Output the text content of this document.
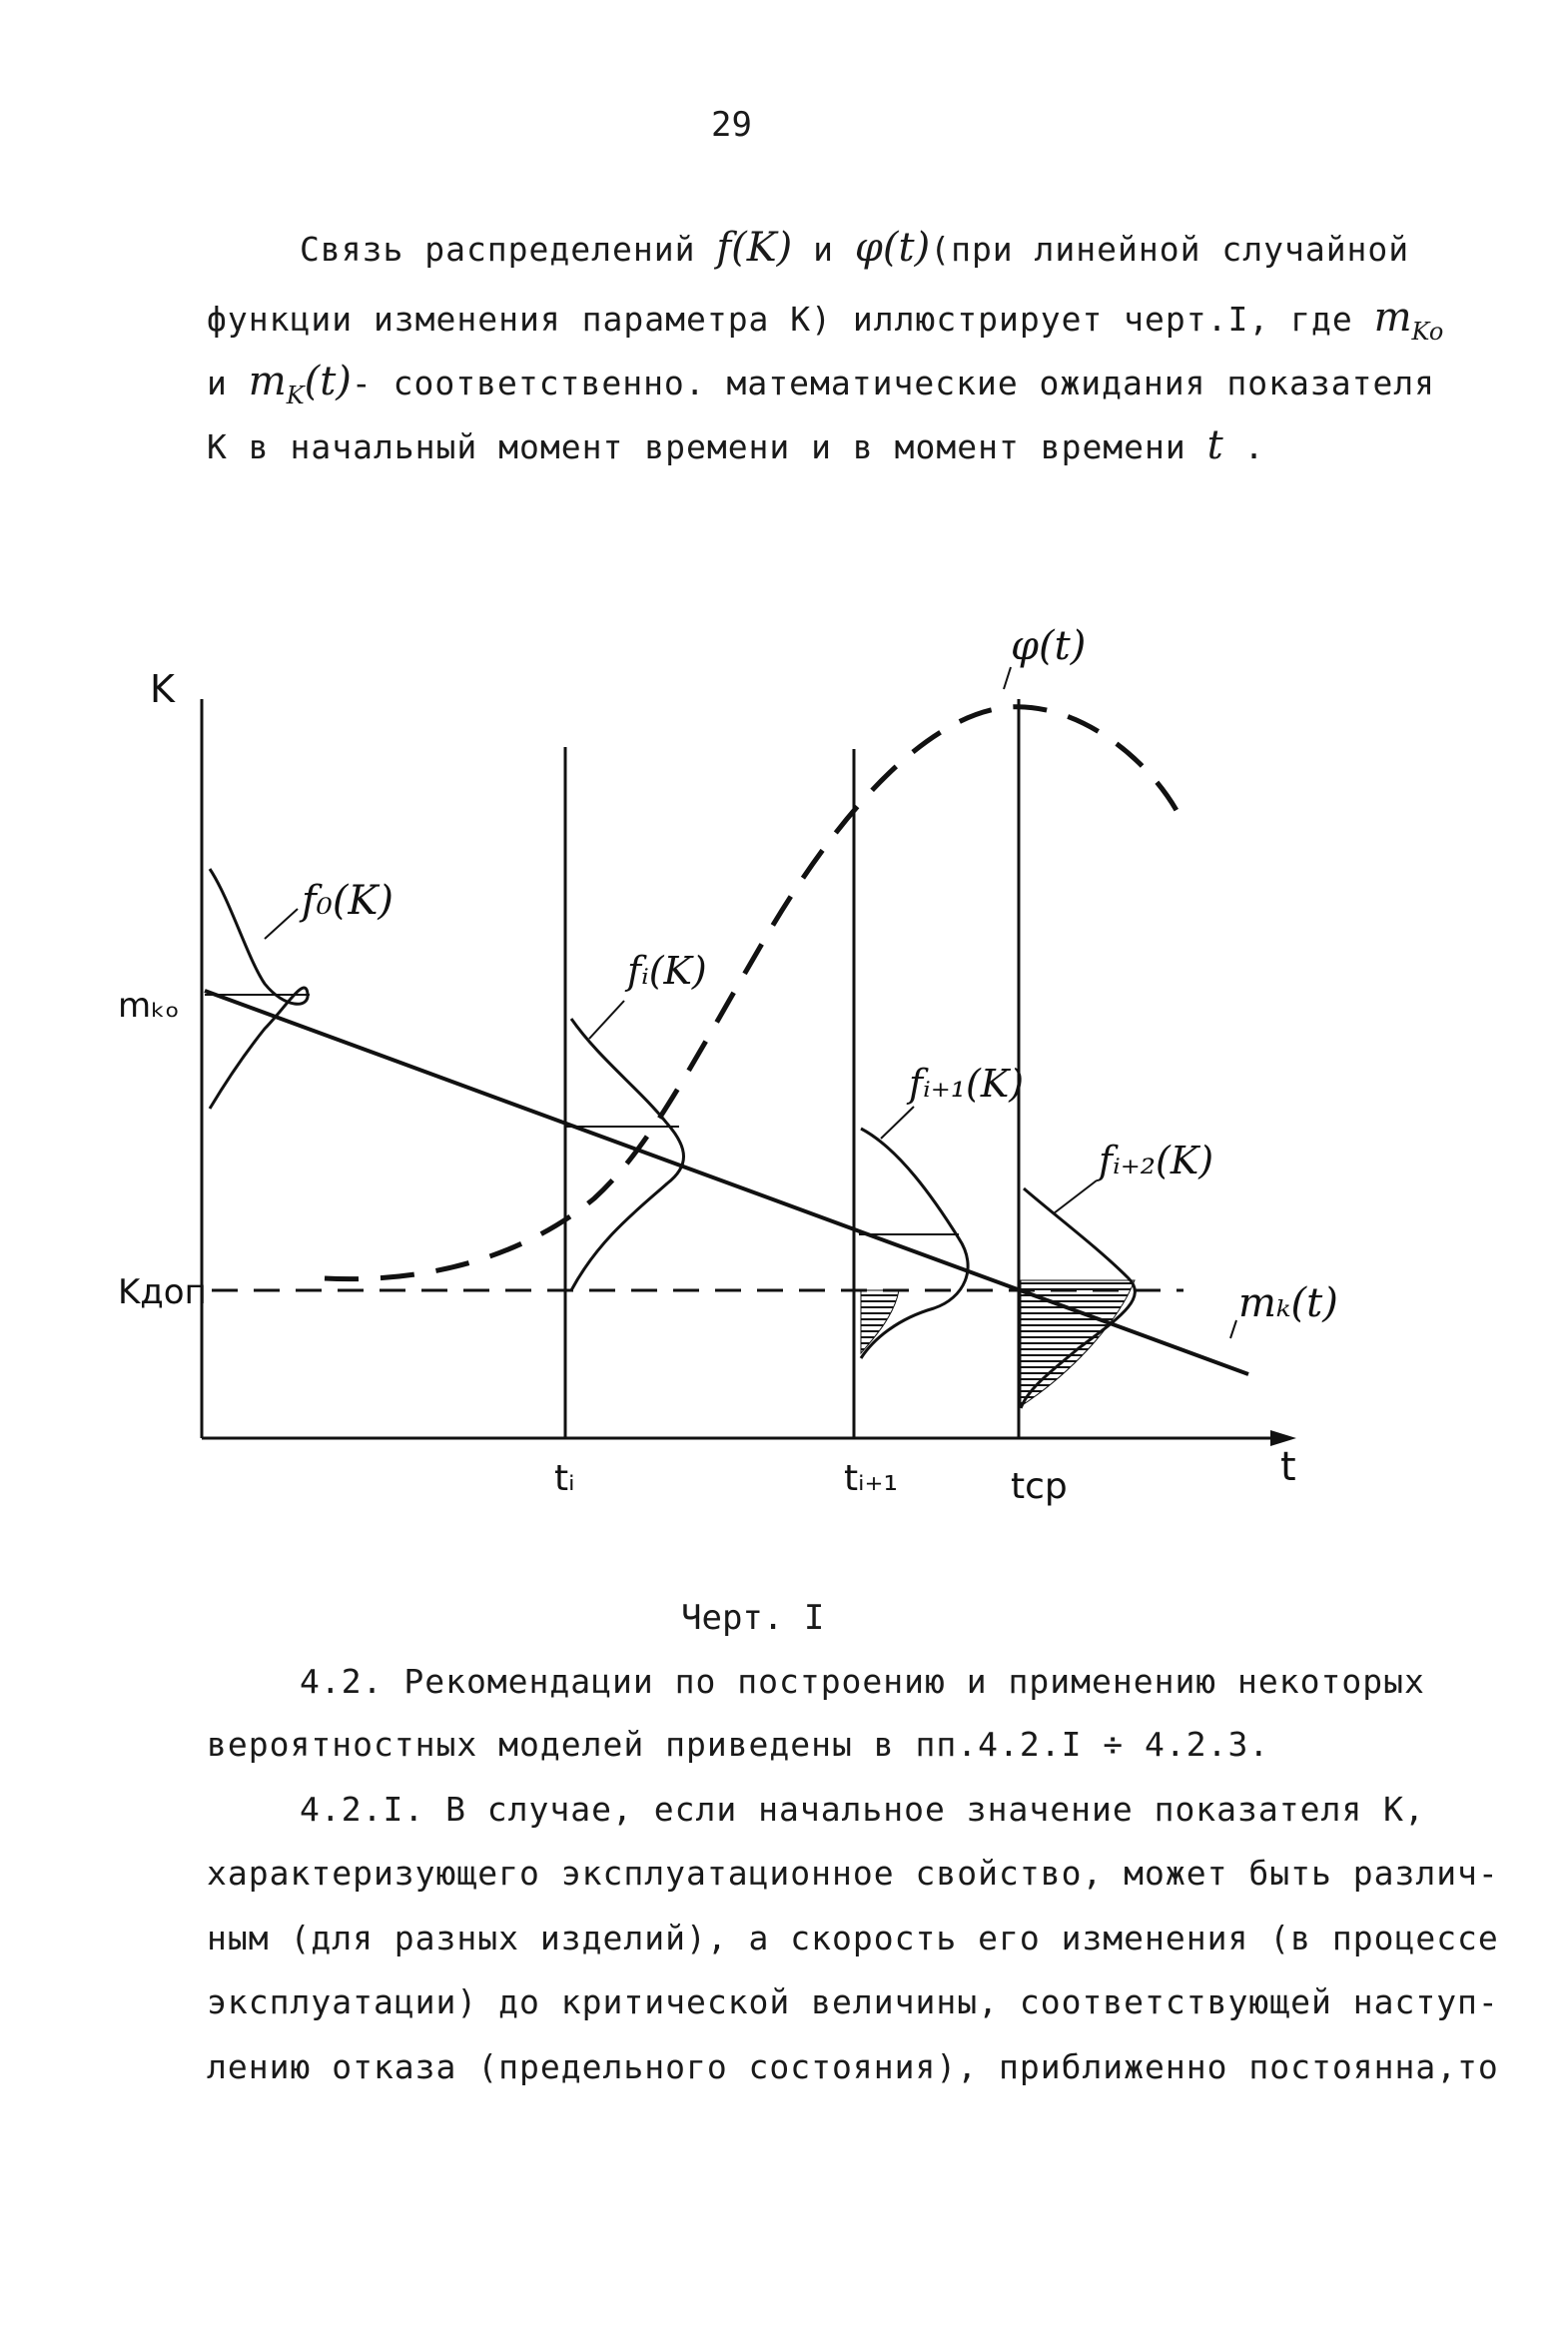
29
Связь распределений f(K) и φ(t)(при линейной случайной
функции изменения параметра К) иллюстрирует черт.I, где $m_{Ko}$
и $m_K(t)-$ соответственно. математические ожидания показателя
К в начальный момент времени и в момент времени t .
K
t
φ(t)
f₀(K)
fᵢ(K)
fᵢ₊₁(K)
fᵢ₊₂(K)
mₖₒ
Kдоп	mₖ(t)
tᵢ	tᵢ₊₁	tср
Черт. I
4.2. Рекомендации по построению и применению некоторых
вероятностных моделей приведены в пп.4.2.I ÷ 4.2.3.
4.2.I. В случае, если начальное значение показателя К,
характеризующего эксплуатационное свойство, может быть различ-
ным (для разных изделий), а скорость его изменения (в процессе
эксплуатации) до критической величины, соответствующей наступ-
лению отказа (предельного состояния), приближенно постоянна,то
